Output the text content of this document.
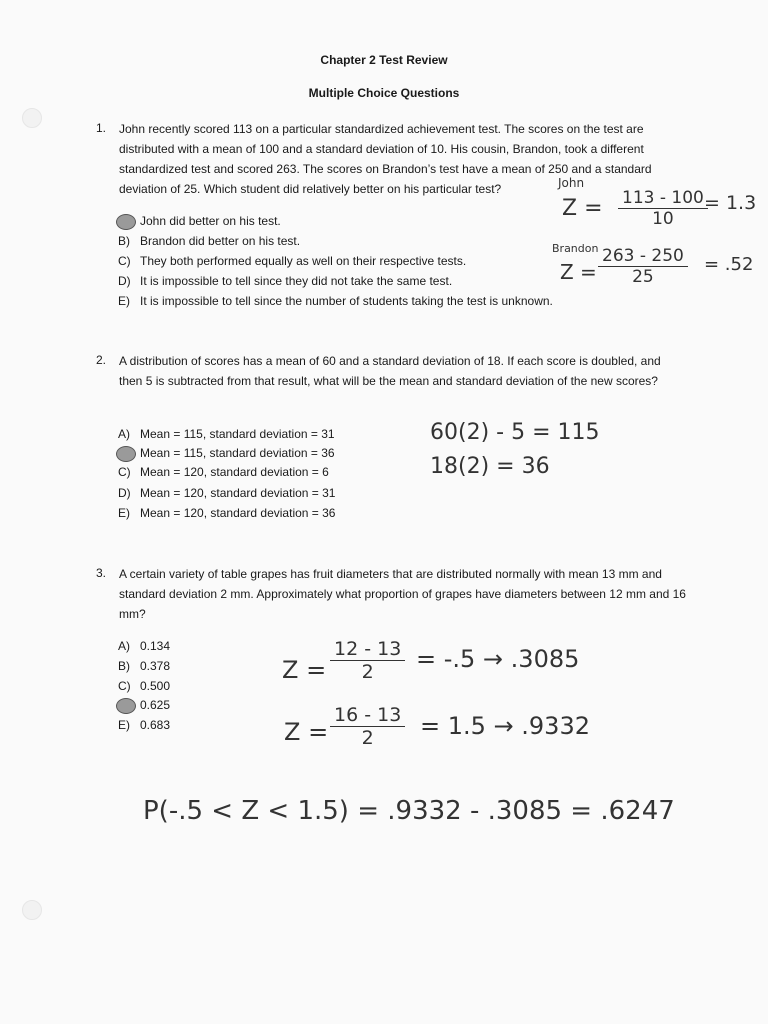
Chapter 2 Test Review
Multiple Choice Questions
1. John recently scored 113 on a particular standardized achievement test. The scores on the test are distributed with a mean of 100 and a standard deviation of 10. His cousin, Brandon, took a different standardized test and scored 263. The scores on Brandon’s test have a mean of 250 and a standard deviation of 25. Which student did relatively better on his particular test?
John did better on his test.
B) Brandon did better on his test.
C) They both performed equally as well on their respective tests.
D) It is impossible to tell since they did not take the same test.
E) It is impossible to tell since the number of students taking the test is unknown.
John
$Z = \frac{113 - 100}{10}$
= 1.3
Brandon
$Z = \frac{263 - 250}{25} = .52$
2. A distribution of scores has a mean of 60 and a standard deviation of 18. If each score is doubled, and then 5 is subtracted from that result, what will be the mean and standard deviation of the new scores?
A) Mean = 115, standard deviation = 31
Mean = 115, standard deviation = 36
C) Mean = 120, standard deviation = 6
D) Mean = 120, standard deviation = 31
E) Mean = 120, standard deviation = 36
60(2) - 5 = 115
18(2) = 36
3. A certain variety of table grapes has fruit diameters that are distributed normally with mean 13 mm and standard deviation 2 mm. Approximately what proportion of grapes have diameters between 12 mm and 16 mm?
A) 0.134
B) 0.378
C) 0.500
0.625
E) 0.683
$Z = \frac{12 - 13}{2} = -.5 \to .3085$
$Z = \frac{16 - 13}{2} = 1.5 \to .9332$
P(-.5 < Z < 1.5) = .9332 - .3085 = .6247
